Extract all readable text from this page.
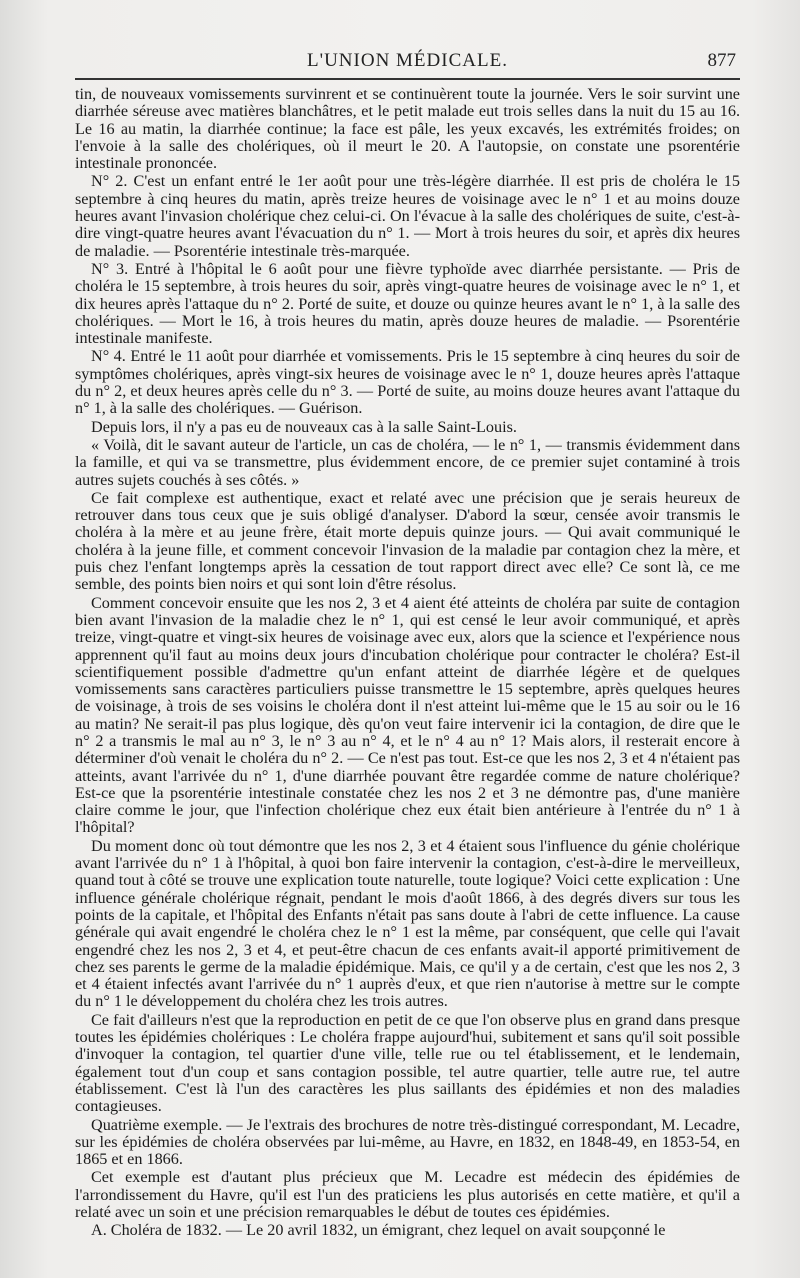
L'UNION MÉDICALE.	877

tin, de nouveaux vomissements survinrent et se continuèrent toute la journée. Vers le soir survint une diarrhée séreuse avec matières blanchâtres, et le petit malade eut trois selles dans la nuit du 15 au 16. Le 16 au matin, la diarrhée continue; la face est pâle, les yeux excavés, les extrémités froides; on l'envoie à la salle des cholériques, où il meurt le 20. A l'autopsie, on constate une psorentérie intestinale prononcée.

N° 2. C'est un enfant entré le 1er août pour une très-légère diarrhée. Il est pris de choléra le 15 septembre à cinq heures du matin, après treize heures de voisinage avec le n° 1 et au moins douze heures avant l'invasion cholérique chez celui-ci. On l'évacue à la salle des cholériques de suite, c'est-à-dire vingt-quatre heures avant l'évacuation du n° 1. — Mort à trois heures du soir, et après dix heures de maladie. — Psorentérie intestinale très-marquée.

N° 3. Entré à l'hôpital le 6 août pour une fièvre typhoïde avec diarrhée persistante. — Pris de choléra le 15 septembre, à trois heures du soir, après vingt-quatre heures de voisinage avec le n° 1, et dix heures après l'attaque du n° 2. Porté de suite, et douze ou quinze heures avant le n° 1, à la salle des cholériques. — Mort le 16, à trois heures du matin, après douze heures de maladie. — Psorentérie intestinale manifeste.

N° 4. Entré le 11 août pour diarrhée et vomissements. Pris le 15 septembre à cinq heures du soir de symptômes cholériques, après vingt-six heures de voisinage avec le n° 1, douze heures après l'attaque du n° 2, et deux heures après celle du n° 3. — Porté de suite, au moins douze heures avant l'attaque du n° 1, à la salle des cholériques. — Guérison.

Depuis lors, il n'y a pas eu de nouveaux cas à la salle Saint-Louis.

« Voilà, dit le savant auteur de l'article, un cas de choléra, — le n° 1, — transmis évidemment dans la famille, et qui va se transmettre, plus évidemment encore, de ce premier sujet contaminé à trois autres sujets couchés à ses côtés. »

Ce fait complexe est authentique, exact et relaté avec une précision que je serais heureux de retrouver dans tous ceux que je suis obligé d'analyser. D'abord la sœur, censée avoir transmis le choléra à la mère et au jeune frère, était morte depuis quinze jours. — Qui avait communiqué le choléra à la jeune fille, et comment concevoir l'invasion de la maladie par contagion chez la mère, et puis chez l'enfant longtemps après la cessation de tout rapport direct avec elle? Ce sont là, ce me semble, des points bien noirs et qui sont loin d'être résolus.

Comment concevoir ensuite que les nos 2, 3 et 4 aient été atteints de choléra par suite de contagion bien avant l'invasion de la maladie chez le n° 1, qui est censé le leur avoir communiqué, et après treize, vingt-quatre et vingt-six heures de voisinage avec eux, alors que la science et l'expérience nous apprennent qu'il faut au moins deux jours d'incubation cholérique pour contracter le choléra? Est-il scientifiquement possible d'admettre qu'un enfant atteint de diarrhée légère et de quelques vomissements sans caractères particuliers puisse transmettre le 15 septembre, après quelques heures de voisinage, à trois de ses voisins le choléra dont il n'est atteint lui-même que le 15 au soir ou le 16 au matin? Ne serait-il pas plus logique, dès qu'on veut faire intervenir ici la contagion, de dire que le n° 2 a transmis le mal au n° 3, le n° 3 au n° 4, et le n° 4 au n° 1? Mais alors, il resterait encore à déterminer d'où venait le choléra du n° 2. — Ce n'est pas tout. Est-ce que les nos 2, 3 et 4 n'étaient pas atteints, avant l'arrivée du n° 1, d'une diarrhée pouvant être regardée comme de nature cholérique? Est-ce que la psorentérie intestinale constatée chez les nos 2 et 3 ne démontre pas, d'une manière claire comme le jour, que l'infection cholérique chez eux était bien antérieure à l'entrée du n° 1 à l'hôpital?

Du moment donc où tout démontre que les nos 2, 3 et 4 étaient sous l'influence du génie cholérique avant l'arrivée du n° 1 à l'hôpital, à quoi bon faire intervenir la contagion, c'est-à-dire le merveilleux, quand tout à côté se trouve une explication toute naturelle, toute logique? Voici cette explication : Une influence générale cholérique régnait, pendant le mois d'août 1866, à des degrés divers sur tous les points de la capitale, et l'hôpital des Enfants n'était pas sans doute à l'abri de cette influence. La cause générale qui avait engendré le choléra chez le n° 1 est la même, par conséquent, que celle qui l'avait engendré chez les nos 2, 3 et 4, et peut-être chacun de ces enfants avait-il apporté primitivement de chez ses parents le germe de la maladie épidémique. Mais, ce qu'il y a de certain, c'est que les nos 2, 3 et 4 étaient infectés avant l'arrivée du n° 1 auprès d'eux, et que rien n'autorise à mettre sur le compte du n° 1 le développement du choléra chez les trois autres.

Ce fait d'ailleurs n'est que la reproduction en petit de ce que l'on observe plus en grand dans presque toutes les épidémies cholériques : Le choléra frappe aujourd'hui, subitement et sans qu'il soit possible d'invoquer la contagion, tel quartier d'une ville, telle rue ou tel établissement, et le lendemain, également tout d'un coup et sans contagion possible, tel autre quartier, telle autre rue, tel autre établissement. C'est là l'un des caractères les plus saillants des épidémies et non des maladies contagieuses.

Quatrième exemple. — Je l'extrais des brochures de notre très-distingué correspondant, M. Lecadre, sur les épidémies de choléra observées par lui-même, au Havre, en 1832, en 1848-49, en 1853-54, en 1865 et en 1866.

Cet exemple est d'autant plus précieux que M. Lecadre est médecin des épidémies de l'arrondissement du Havre, qu'il est l'un des praticiens les plus autorisés en cette matière, et qu'il a relaté avec un soin et une précision remarquables le début de toutes ces épidémies.

A. Choléra de 1832. — Le 20 avril 1832, un émigrant, chez lequel on avait soupçonné le
